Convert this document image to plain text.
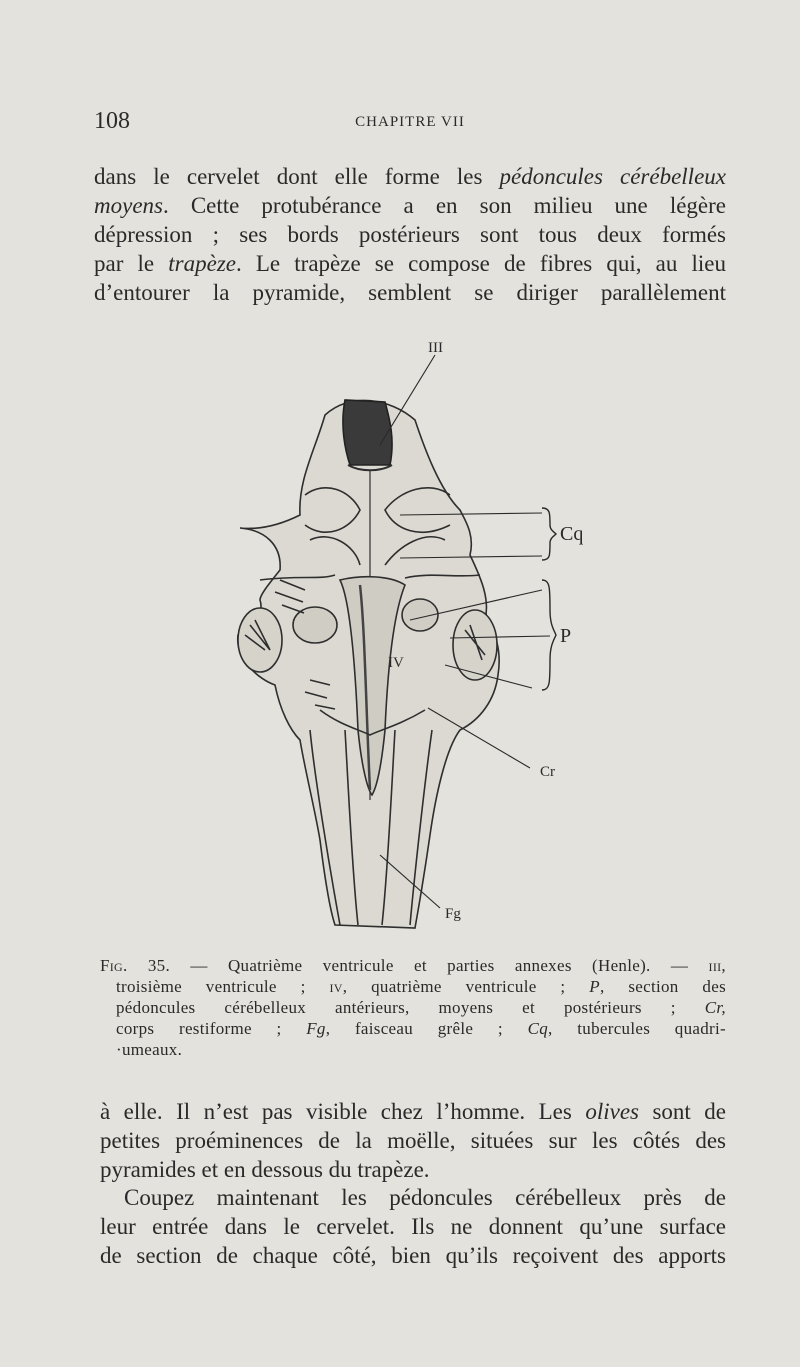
108	CHAPITRE VII
dans le cervelet dont elle forme les pédoncules cérébelleux
moyens. Cette protubérance a en son milieu une légère
dépression ; ses bords postérieurs sont tous deux formés
par le trapèze. Le trapèze se compose de fibres qui, au lieu
d’entourer la pyramide, semblent se diriger parallèlement
III
Cq
IV
P
Cr
Fg
Fig. 35. — Quatrième ventricule et parties annexes (Henle). — iii,
troisième ventricule ; iv, quatrième ventricule ; P, section des
pédoncules cérébelleux antérieurs, moyens et postérieurs ; Cr,
corps restiforme ; Fg, faisceau grêle ; Cq, tubercules quadri-
·umeaux.
à elle. Il n’est pas visible chez l’homme. Les olives sont de
petites proéminences de la moëlle, situées sur les côtés des
pyramides et en dessous du trapèze.
Coupez maintenant les pédoncules cérébelleux près de
leur entrée dans le cervelet. Ils ne donnent qu’une surface
de section de chaque côté, bien qu’ils reçoivent des apports
